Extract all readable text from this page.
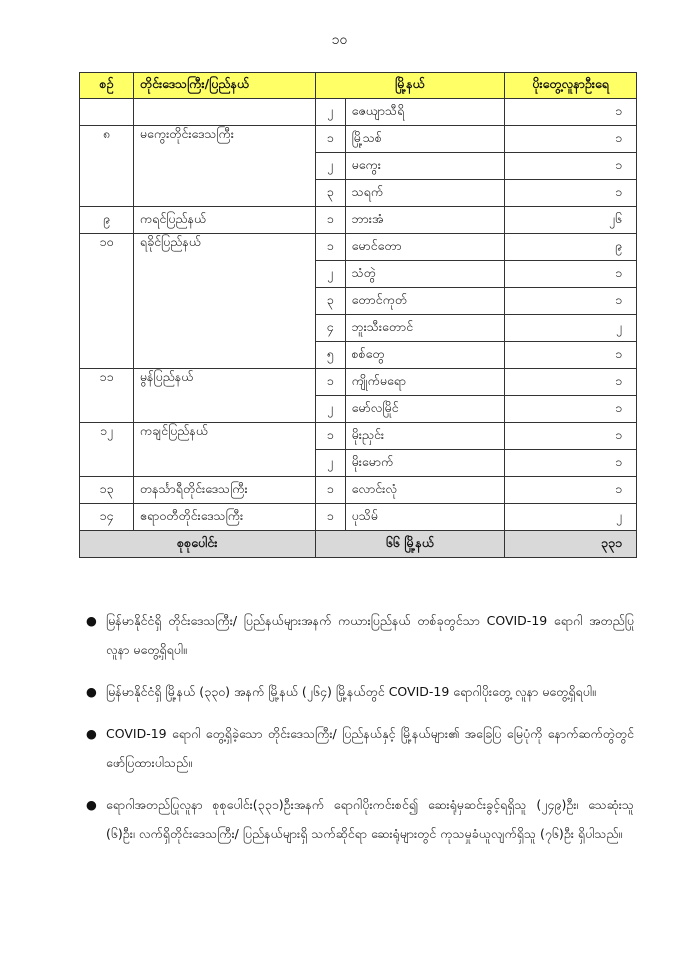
၁၀
စဉ်	တိုင်းဒေသကြီး/ပြည်နယ်	မြို့နယ်		ပိုးတွေ့လူနာဦးရေ
		၂	ဇေယျာသီရိ	၁
၈	မကွေးတိုင်းဒေသကြီး	၁	မြို့သစ်	၁
		၂	မကွေး	၁
		၃	သရက်	၁
၉	ကရင်ပြည်နယ်	၁	ဘားအံ	၂၆
၁၀	ရခိုင်ပြည်နယ်	၁	မောင်တော	၉
		၂	သံတွဲ	၁
		၃	တောင်ကုတ်	၁
		၄	ဘူးသီးတောင်	၂
		၅	စစ်တွေ	၁
၁၁	မွန်ပြည်နယ်	၁	ကျိုက်မရော	၁
		၂	မော်လမြိုင်	၁
၁၂	ကချင်ပြည်နယ်	၁	မိုးညှင်း	၁
		၂	မိုးမောက်	၁
၁၃	တနင်္သာရီတိုင်းဒေသကြီး	၁	လောင်းလုံ	၁
၁၄	ဧရာဝတီတိုင်းဒေသကြီး	၁	ပုသိမ်	၂
စုစုပေါင်း		၆၆ မြို့နယ်		၃၃၁
● မြန်မာနိုင်ငံရှိ တိုင်းဒေသကြီး/ ပြည်နယ်များအနက် ကယားပြည်နယ် တစ်ခုတွင်သာ COVID-19 ရောဂါ အတည်ပြုလူနာ မတွေ့ရှိရပါ။
● မြန်မာနိုင်ငံရှိ မြို့နယ် (၃၃၀) အနက် မြို့နယ် (၂၆၄) မြို့နယ်တွင် COVID-19 ရောဂါပိုးတွေ့ လူနာ မတွေ့ရှိရပါ။
● COVID-19 ရောဂါ တွေ့ရှိခဲ့သော တိုင်းဒေသကြီး/ ပြည်နယ်နှင့် မြို့နယ်များ၏ အခြေပြ မြေပုံကို နောက်ဆက်တွဲတွင် ဖော်ပြထားပါသည်။
● ရောဂါအတည်ပြုလူနာ စုစုပေါင်း(၃၃၁)ဦးအနက် ရောဂါပိုးကင်းစင်၍ ဆေးရုံမှဆင်းခွင့်ရရှိသူ (၂၄၉)ဦး၊ သေဆုံးသူ (၆)ဦး၊ လက်ရှိတိုင်းဒေသကြီး/ ပြည်နယ်များရှိ သက်ဆိုင်ရာ ဆေးရုံများတွင် ကုသမှုခံယူလျက်ရှိသူ (၇၆)ဦး ရှိပါသည်။
